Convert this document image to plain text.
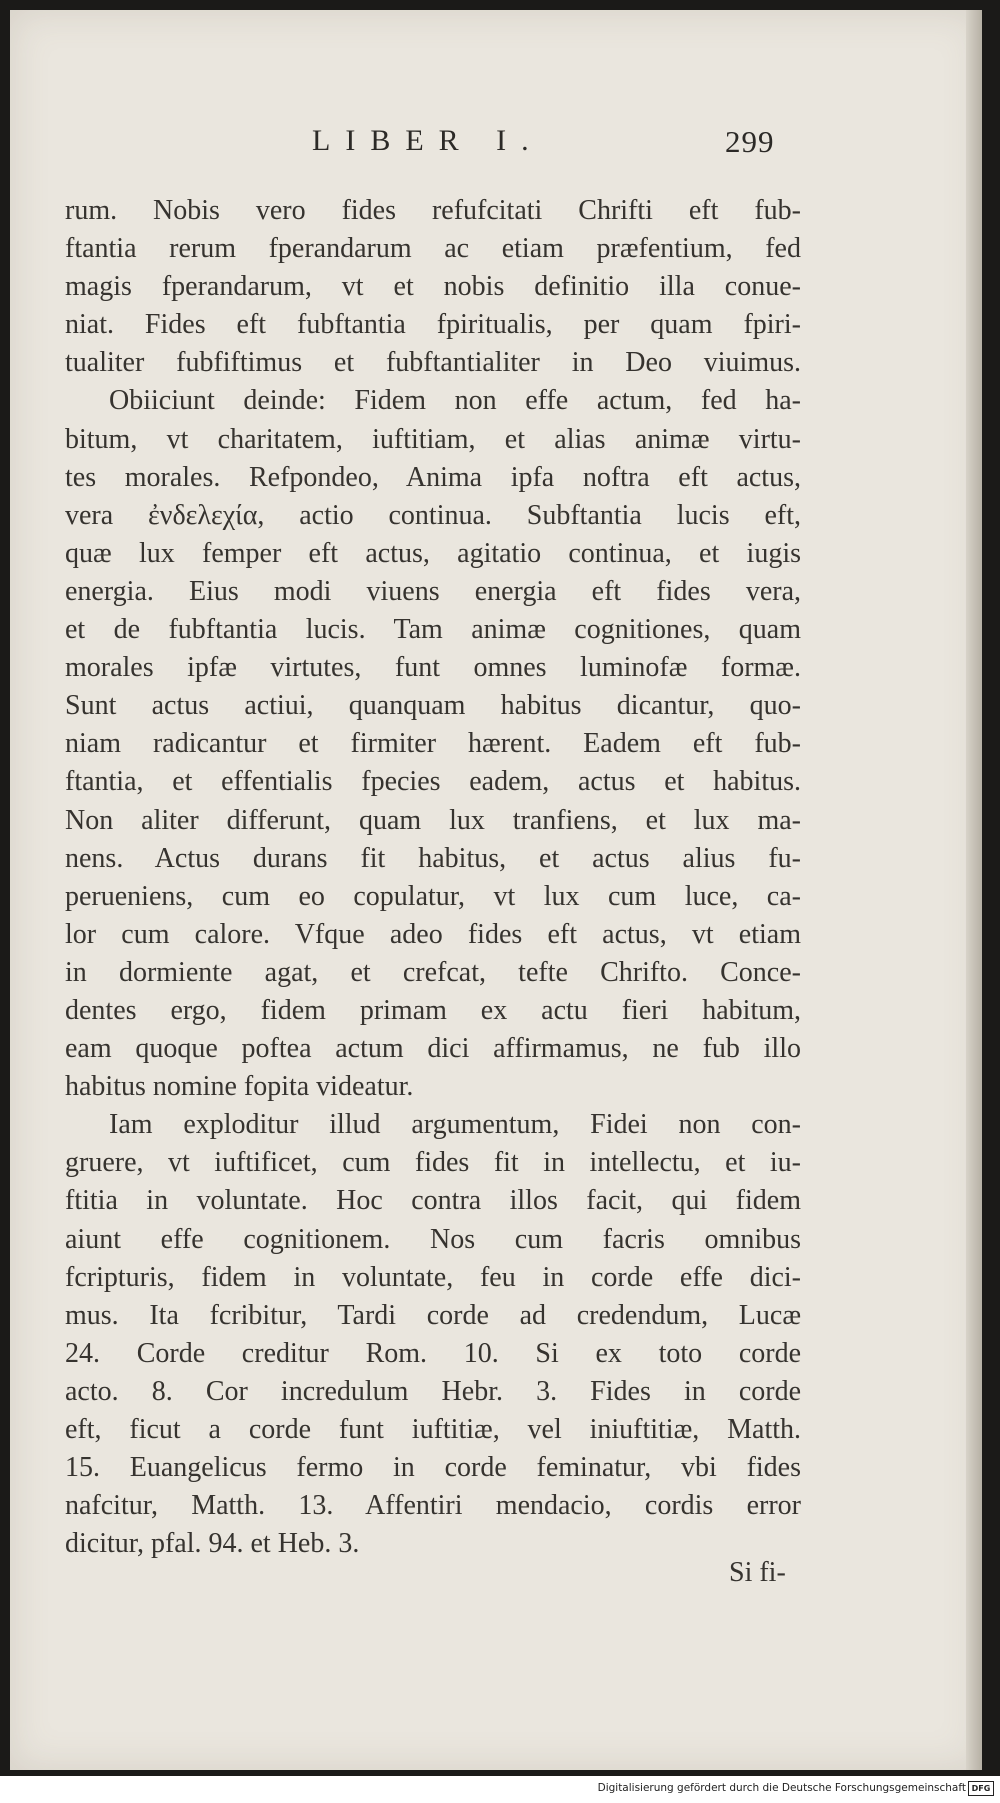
LIBER I.	299
rum. Nobis vero fides refufcitati Chrifti eft fub-
ftantia rerum fperandarum ac etiam præfentium, fed
magis fperandarum, vt et nobis definitio illa conue-
niat. Fides eft fubftantia fpiritualis, per quam fpiri-
tualiter fubfiftimus et fubftantialiter in Deo viuimus.
Obiiciunt deinde: Fidem non effe actum, fed ha-
bitum, vt charitatem, iuftitiam, et alias animæ virtu-
tes morales. Refpondeo, Anima ipfa noftra eft actus,
vera ἐνδελεχία, actio continua. Subftantia lucis eft,
quæ lux femper eft actus, agitatio continua, et iugis
energia. Eius modi viuens energia eft fides vera,
et de fubftantia lucis. Tam animæ cognitiones, quam
morales ipfæ virtutes, funt omnes luminofæ formæ.
Sunt actus actiui, quanquam habitus dicantur, quo-
niam radicantur et firmiter hærent. Eadem eft fub-
ftantia, et effentialis fpecies eadem, actus et habitus.
Non aliter differunt, quam lux tranfiens, et lux ma-
nens. Actus durans fit habitus, et actus alius fu-
perueniens, cum eo copulatur, vt lux cum luce, ca-
lor cum calore. Vfque adeo fides eft actus, vt etiam
in dormiente agat, et crefcat, tefte Chrifto. Conce-
dentes ergo, fidem primam ex actu fieri habitum,
eam quoque poftea actum dici affirmamus, ne fub illo
habitus nomine fopita videatur.
Iam exploditur illud argumentum, Fidei non con-
gruere, vt iuftificet, cum fides fit in intellectu, et iu-
ftitia in voluntate. Hoc contra illos facit, qui fidem
aiunt effe cognitionem. Nos cum facris omnibus
fcripturis, fidem in voluntate, feu in corde effe dici-
mus. Ita fcribitur, Tardi corde ad credendum, Lucæ
24. Corde creditur Rom. 10. Si ex toto corde
acto. 8. Cor incredulum Hebr. 3. Fides in corde
eft, ficut a corde funt iuftitiæ, vel iniuftitiæ, Matth.
15. Euangelicus fermo in corde feminatur, vbi fides
nafcitur, Matth. 13. Affentiri mendacio, cordis error
dicitur, pfal. 94. et Heb. 3.
Si fi-
Digitalisierung gefördert durch die Deutsche Forschungsgemeinschaft DFG
